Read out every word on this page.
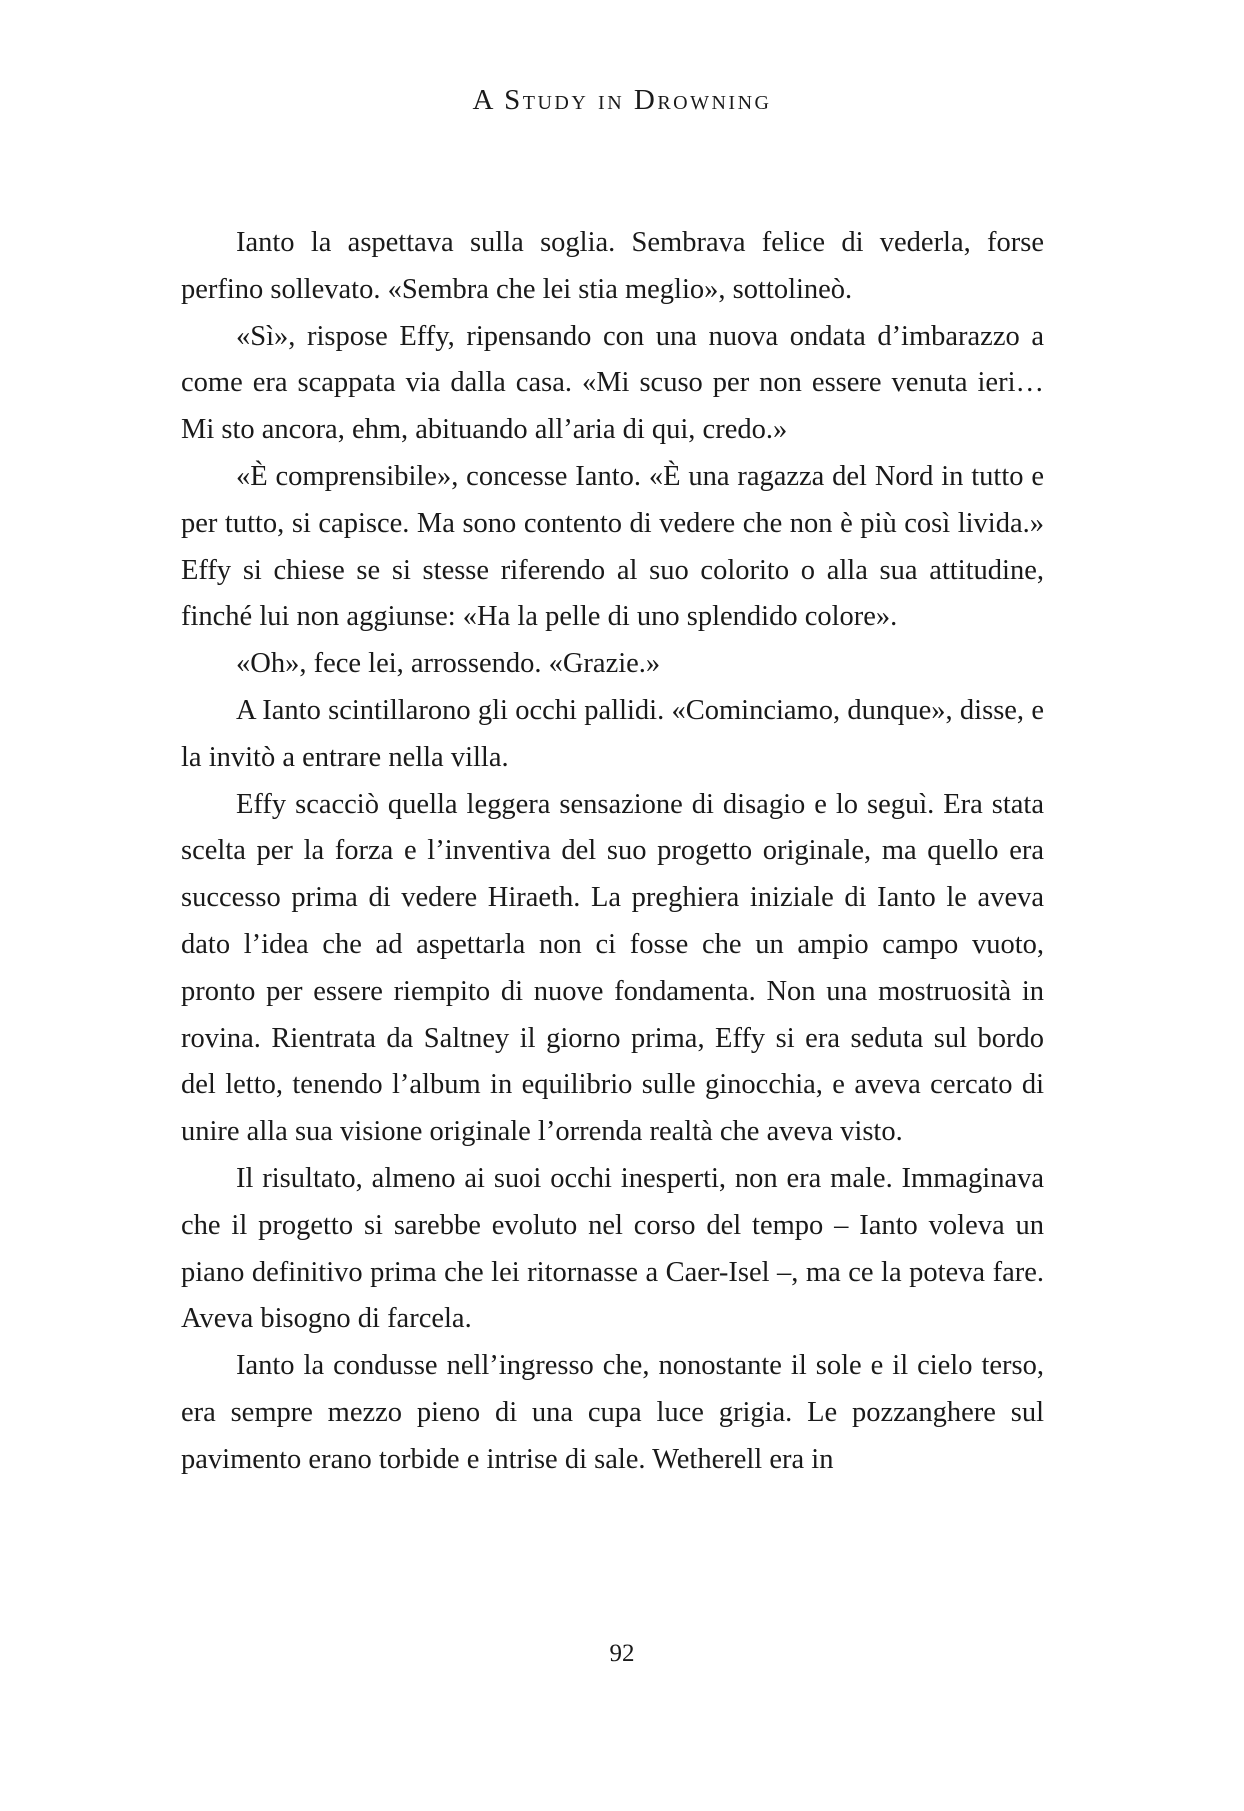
A Study in Drowning

Ianto la aspettava sulla soglia. Sembrava felice di vederla, forse perfino sollevato. «Sembra che lei stia meglio», sottolineò.

«Sì», rispose Effy, ripensando con una nuova ondata d’imbarazzo a come era scappata via dalla casa. «Mi scuso per non essere venuta ieri… Mi sto ancora, ehm, abituando all’aria di qui, credo.»

«È comprensibile», concesse Ianto. «È una ragazza del Nord in tutto e per tutto, si capisce. Ma sono contento di vedere che non è più così livida.» Effy si chiese se si stesse riferendo al suo colorito o alla sua attitudine, finché lui non aggiunse: «Ha la pelle di uno splendido colore».

«Oh», fece lei, arrossendo. «Grazie.»

A Ianto scintillarono gli occhi pallidi. «Cominciamo, dunque», disse, e la invitò a entrare nella villa.

Effy scacciò quella leggera sensazione di disagio e lo seguì. Era stata scelta per la forza e l’inventiva del suo progetto originale, ma quello era successo prima di vedere Hiraeth. La preghiera iniziale di Ianto le aveva dato l’idea che ad aspettarla non ci fosse che un ampio campo vuoto, pronto per essere riempito di nuove fondamenta. Non una mostruosità in rovina. Rientrata da Saltney il giorno prima, Effy si era seduta sul bordo del letto, tenendo l’album in equilibrio sulle ginocchia, e aveva cercato di unire alla sua visione originale l’orrenda realtà che aveva visto.

Il risultato, almeno ai suoi occhi inesperti, non era male. Immaginava che il progetto si sarebbe evoluto nel corso del tempo – Ianto voleva un piano definitivo prima che lei ritornasse a Caer-Isel –, ma ce la poteva fare. Aveva bisogno di farcela.

Ianto la condusse nell’ingresso che, nonostante il sole e il cielo terso, era sempre mezzo pieno di una cupa luce grigia. Le pozzanghere sul pavimento erano torbide e intrise di sale. Wetherell era in

92
